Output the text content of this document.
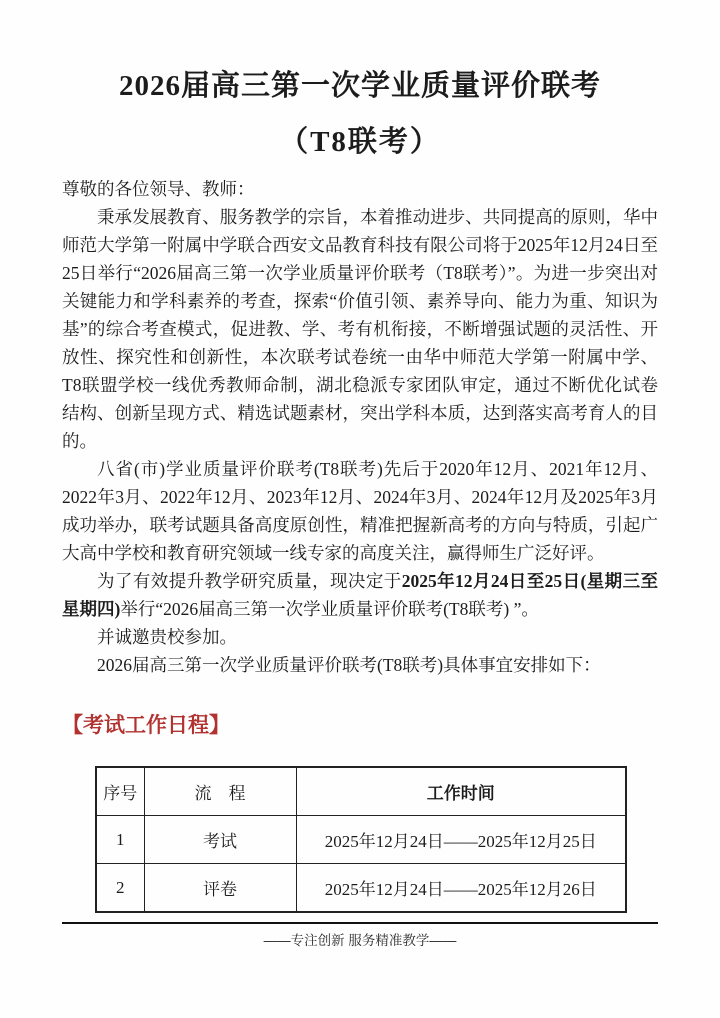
2026届高三第一次学业质量评价联考
（T8联考）
尊敬的各位领导、教师：

秉承发展教育、服务教学的宗旨，本着推动进步、共同提高的原则，华中师范大学第一附属中学联合西安文品教育科技有限公司将于2025年12月24日至25日举行“2026届高三第一次学业质量评价联考（T8联考）”。为进一步突出对关键能力和学科素养的考查，探索“价值引领、素养导向、能力为重、知识为基”的综合考查模式，促进教、学、考有机衔接，不断增强试题的灵活性、开放性、探究性和创新性，本次联考试卷统一由华中师范大学第一附属中学、T8联盟学校一线优秀教师命制，湖北稳派专家团队审定，通过不断优化试卷结构、创新呈现方式、精选试题素材，突出学科本质，达到落实高考育人的目的。

八省(市)学业质量评价联考(T8联考)先后于2020年12月、2021年12月、2022年3月、2022年12月、2023年12月、2024年3月、2024年12月及2025年3月成功举办，联考试题具备高度原创性，精准把握新高考的方向与特质，引起广大高中学校和教育研究领域一线专家的高度关注，赢得师生广泛好评。

为了有效提升教学研究质量，现决定于2025年12月24日至25日(星期三至星期四)举行“2026届高三第一次学业质量评价联考(T8联考) ”。

并诚邀贵校参加。

2026届高三第一次学业质量评价联考(T8联考)具体事宜安排如下：

【考试工作日程】
序号	流　程	工作时间
1	考试	2025年12月24日——2025年12月25日
2	评卷	2025年12月24日——2025年12月26日
——专注创新 服务精准教学——
